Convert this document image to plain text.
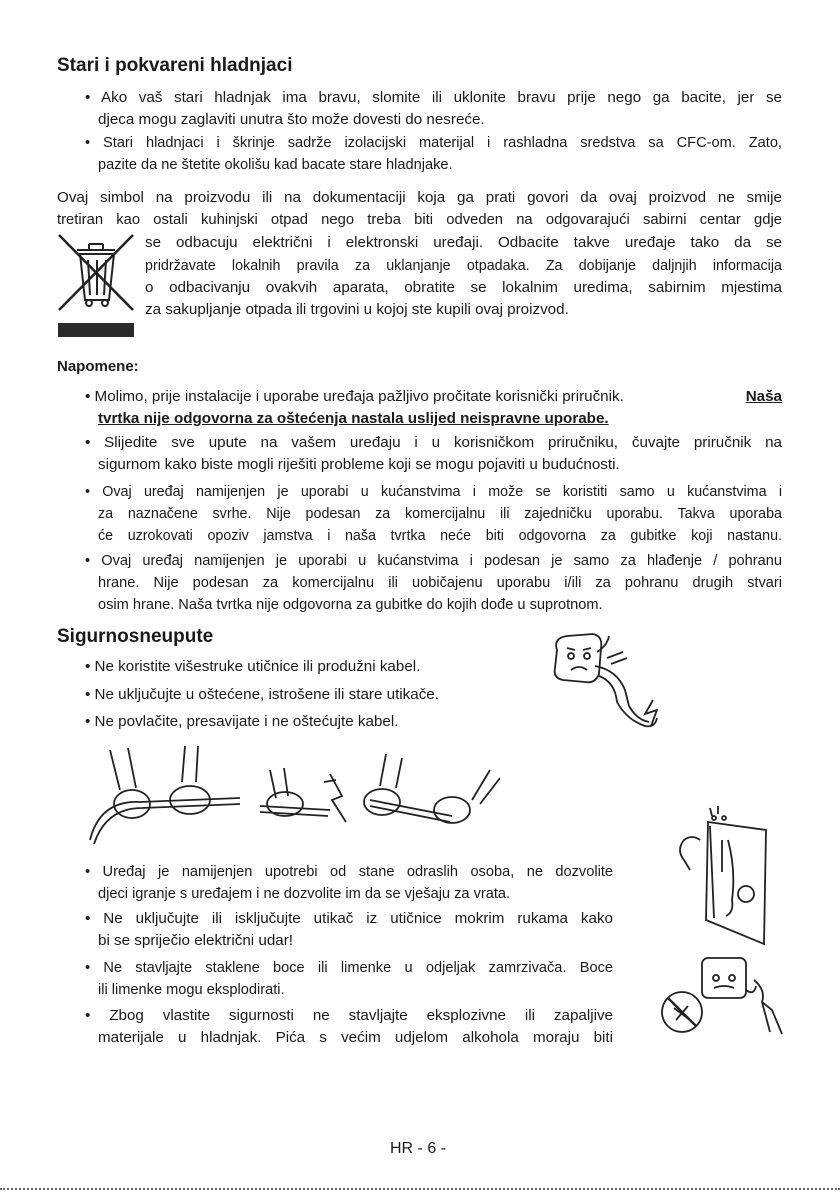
Stari i pokvareni hladnjaci
• Ako vaš stari hladnjak ima bravu, slomite ili uklonite bravu prije nego ga bacite, jer se
djeca mogu zaglaviti unutra što može dovesti do nesreće.
• Stari hladnjaci i škrinje sadrže izolacijski materijal i rashladna sredstva sa CFC-om. Zato,
pazite da ne štetite okolišu kad bacate stare hladnjake.
Ovaj simbol na proizvodu ili na dokumentaciji koja ga prati govori da ovaj proizvod ne smije
tretiran kao ostali kuhinjski otpad nego treba biti odveden na odgovarajući sabirni centar gdje
se odbacuju električni i elektronski uređaji. Odbacite takve uređaje tako da se
pridržavate lokalnih pravila za uklanjanje otpadaka. Za dobijanje daljnjih informacija
o odbacivanju ovakvih aparata, obratite se lokalnim uredima, sabirnim mjestima
za sakupljanje otpada ili trgovini u kojoj ste kupili ovaj proizvod.
Napomene:
• Molimo, prije instalacije i uporabe uređaja pažljivo pročitate korisnički priručnik.	Naša
tvrtka nije odgovorna za oštećenja nastala uslijed neispravne uporabe.
• Slijedite sve upute na vašem uređaju i u korisničkom priručniku, čuvajte priručnik na
sigurnom kako biste mogli riješiti probleme koji se mogu pojaviti u budućnosti.
• Ovaj uređaj namijenjen je uporabi u kućanstvima i može se koristiti samo u kućanstvima i
za naznačene svrhe. Nije podesan za komercijalnu ili zajedničku uporabu. Takva uporaba
će uzrokovati opoziv jamstva i naša tvrtka neće biti odgovorna za gubitke koji nastanu.
• Ovaj uređaj namijenjen je uporabi u kućanstvima i podesan je samo za hlađenje / pohranu
hrane. Nije podesan za komercijalnu ili uobičajenu uporabu i/ili za pohranu drugih stvari
osim hrane. Naša tvrtka nije odgovorna za gubitke do kojih dođe u suprotnom.
Sigurnosneupute
• Ne koristite višestruke utičnice ili produžni kabel.
• Ne uključujte u oštećene, istrošene ili stare utikače.
• Ne povlačite, presavijate i ne oštećujte kabel.
• Uređaj je namijenjen upotrebi od stane odraslih osoba, ne dozvolite
djeci igranje s uređajem i ne dozvolite im da se vješaju za vrata.
• Ne uključujte ili isključujte utikač iz utičnice mokrim rukama kako
bi se spriječio električni udar!
• Ne stavljajte staklene boce ili limenke u odjeljak zamrzivača. Boce
ili limenke mogu eksplodirati.
• Zbog vlastite sigurnosti ne stavljajte eksplozivne ili zapaljive
materijale u hladnjak. Pića s većim udjelom alkohola moraju biti
HR - 6 -
